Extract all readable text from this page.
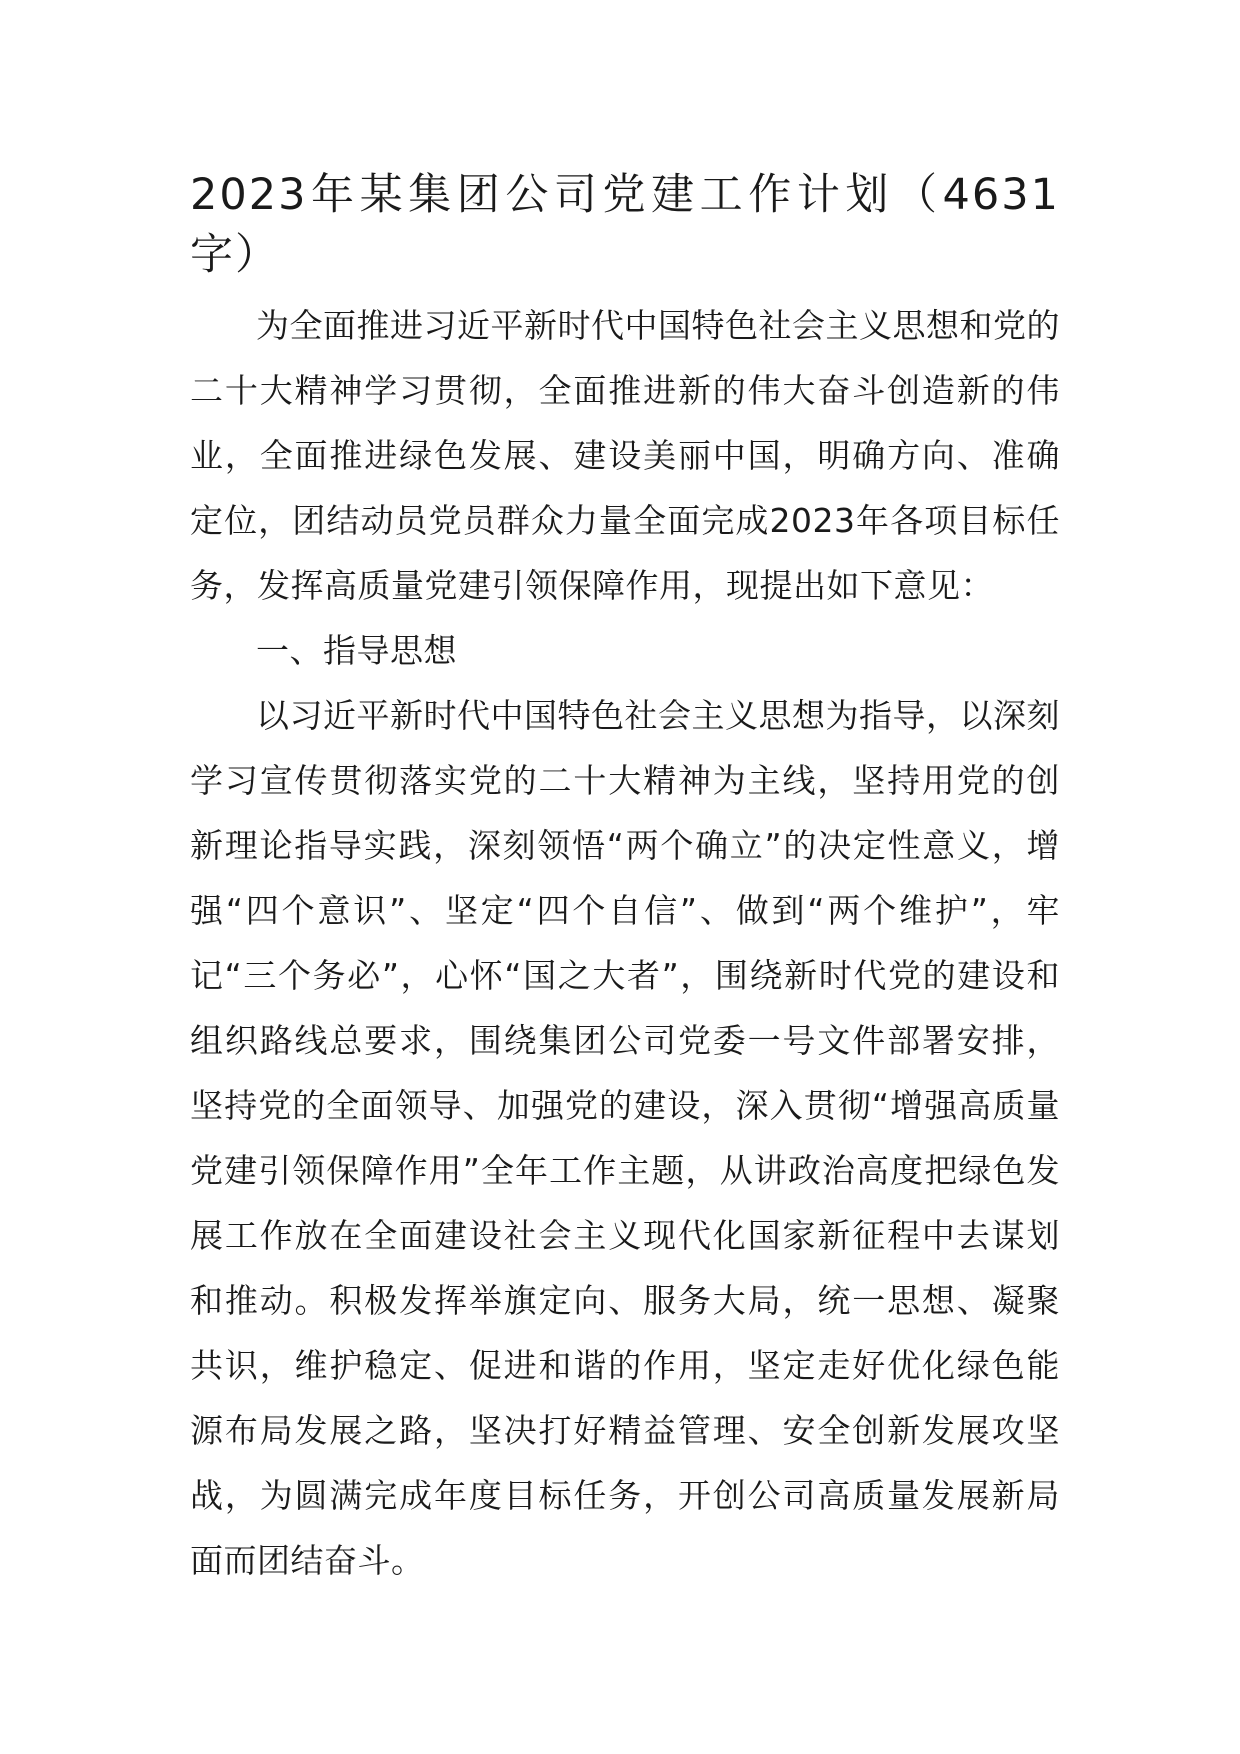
2023年某集团公司党建工作计划（4631字）

为全面推进习近平新时代中国特色社会主义思想和党的二十大精神学习贯彻，全面推进新的伟大奋斗创造新的伟业，全面推进绿色发展、建设美丽中国，明确方向、准确定位，团结动员党员群众力量全面完成2023年各项目标任务，发挥高质量党建引领保障作用，现提出如下意见：

一、指导思想

以习近平新时代中国特色社会主义思想为指导，以深刻学习宣传贯彻落实党的二十大精神为主线，坚持用党的创新理论指导实践，深刻领悟“两个确立”的决定性意义，增强“四个意识”、坚定“四个自信”、做到“两个维护”，牢记“三个务必”，心怀“国之大者”，围绕新时代党的建设和组织路线总要求，围绕集团公司党委一号文件部署安排，坚持党的全面领导、加强党的建设，深入贯彻“增强高质量党建引领保障作用”全年工作主题，从讲政治高度把绿色发展工作放在全面建设社会主义现代化国家新征程中去谋划和推动。积极发挥举旗定向、服务大局，统一思想、凝聚共识，维护稳定、促进和谐的作用，坚定走好优化绿色能源布局发展之路，坚决打好精益管理、安全创新发展攻坚战，为圆满完成年度目标任务，开创公司高质量发展新局面而团结奋斗。
